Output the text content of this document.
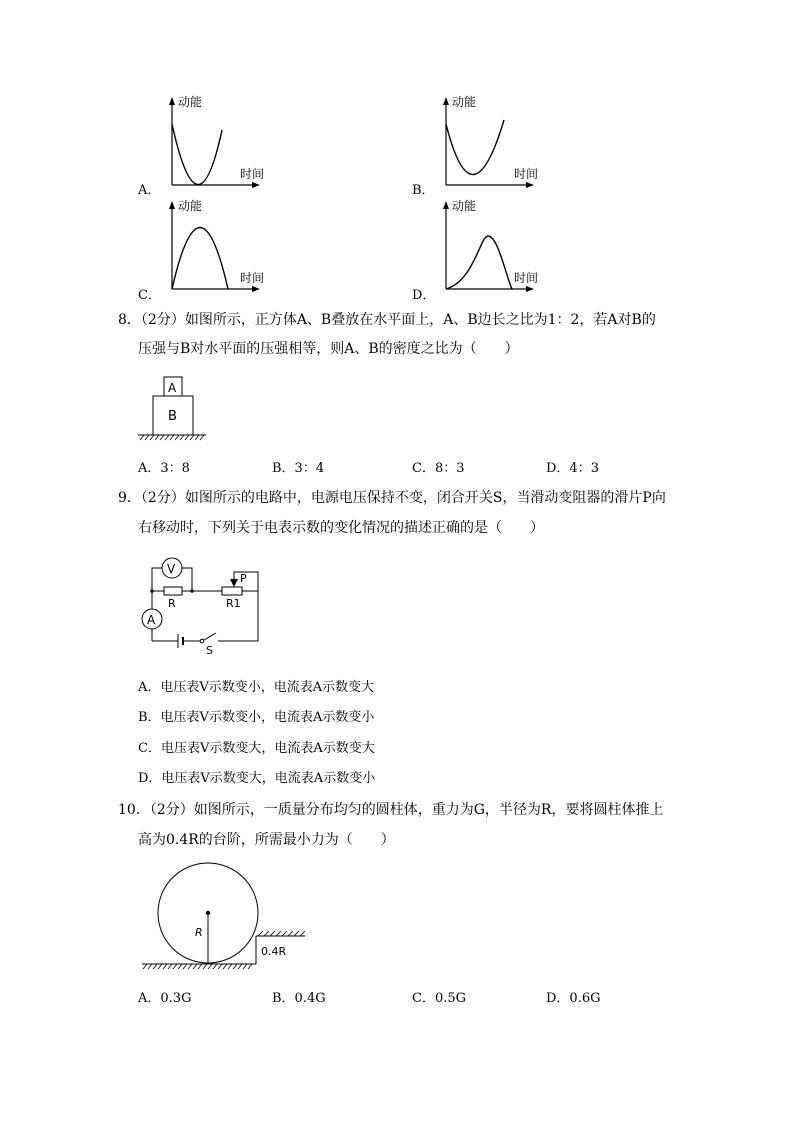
动能
时间
A．
动能
时间
B．
动能
时间
C．
动能
时间
D．
8．（2分）如图所示，正方体A、B叠放在水平面上，A、B边长之比为1：2，若A对B的
压强与B对水平面的压强相等，则A、B的密度之比为（　　）
A
B
A．3：8	B．3：4	C．8：3	D．4：3
9．（2分）如图所示的电路中，电源电压保持不变，闭合开关S，当滑动变阻器的滑片P向
右移动时，下列关于电表示数的变化情况的描述正确的是（　　）
V
R	R1
P
A
S
A．电压表V示数变小，电流表A示数变大
B．电压表V示数变小，电流表A示数变小
C．电压表V示数变大，电流表A示数变大
D．电压表V示数变大，电流表A示数变小
10．（2分）如图所示，一质量分布均匀的圆柱体，重力为G，半径为R，要将圆柱体推上
高为0.4R的台阶，所需最小力为（　　）
R
0.4R
A．0.3G	B．0.4G	C．0.5G	D．0.6G
